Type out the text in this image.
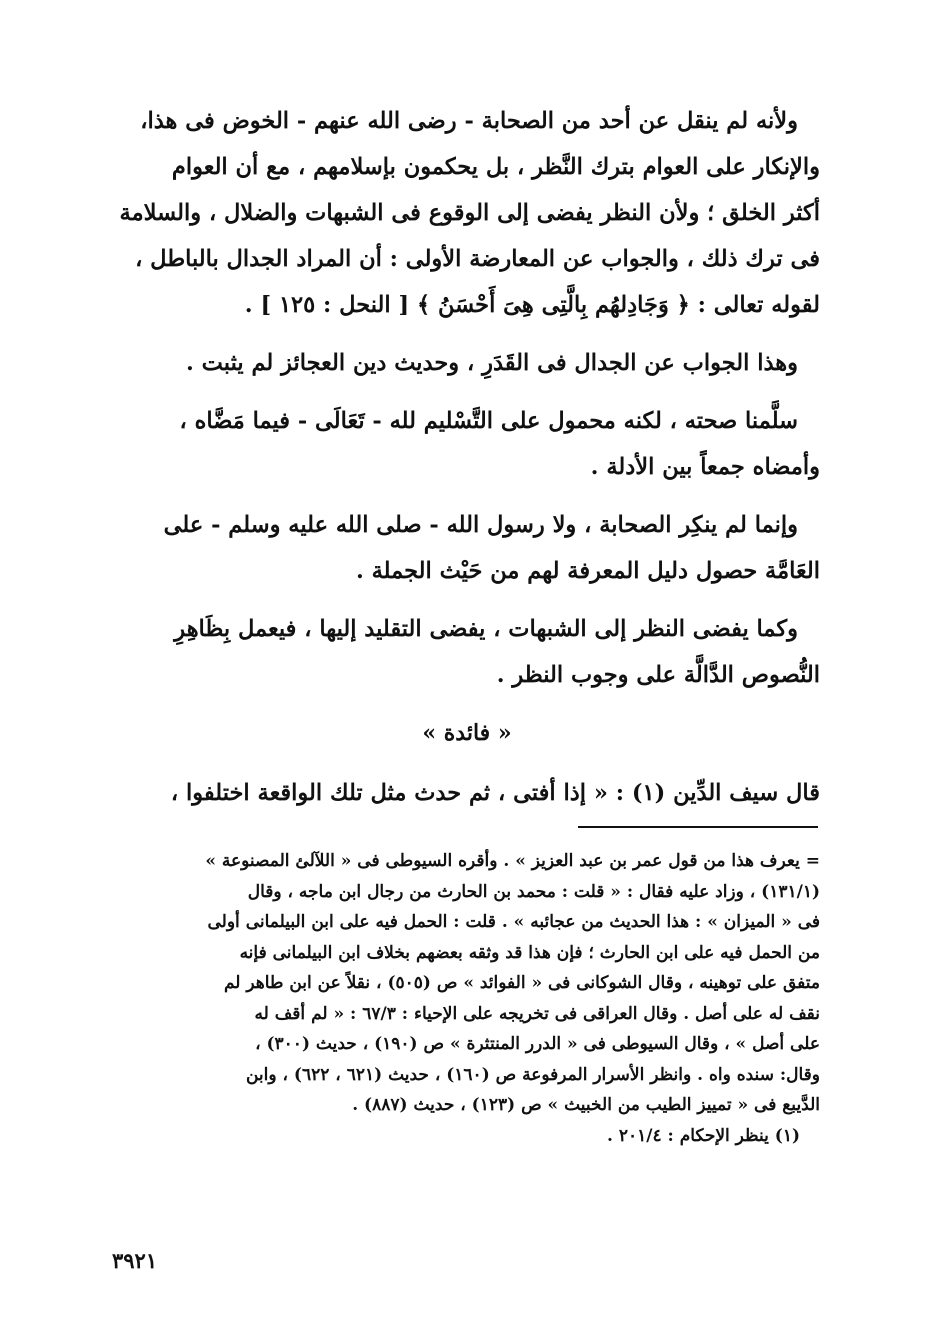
ولأنه لم ينقل عن أحد من الصحابة - رضى الله عنهم - الخوض فى هذا،
والإنكار على العوام بترك النَّظر ، بل يحكمون بإسلامهم ، مع أن العوام
أكثر الخلق ؛ ولأن النظر يفضى إلى الوقوع فى الشبهات والضلال ، والسلامة
فى ترك ذلك ، والجواب عن المعارضة الأولى : أن المراد الجدال بالباطل ،
لقوله تعالى : ﴿ وَجَادِلهُم بِالَّتِى هِىَ أَحْسَنُ ﴾ [ النحل : ١٢٥ ] .
وهذا الجواب عن الجدال فى القَدَرِ ، وحديث دين العجائز لم يثبت .
سلَّمنا صحته ، لكنه محمول على التَّسْليم لله - تَعَالَى - فيما مَضَّاه ،
وأمضاه جمعاً بين الأدلة .
وإنما لم ينكِر الصحابة ، ولا رسول الله - صلى الله عليه وسلم - على
العَامَّة حصول دليل المعرفة لهم من حَيْث الجملة .
وكما يفضى النظر إلى الشبهات ، يفضى التقليد إليها ، فيعمل بِظَاهِرِ
النُّصوص الدَّالَّة على وجوب النظر .
« فائدة »
قال سيف الدِّين (١) : « إذا أفتى ، ثم حدث مثل تلك الواقعة اختلفوا ،
= يعرف هذا من قول عمر بن عبد العزيز » . وأقره السيوطى فى « اللآلئ المصنوعة »
(١٣١/١) ، وزاد عليه فقال : « قلت : محمد بن الحارث من رجال ابن ماجه ، وقال
فى « الميزان » : هذا الحديث من عجائبه » . قلت : الحمل فيه على ابن البيلمانى أولى
من الحمل فيه على ابن الحارث ؛ فإن هذا قد وثقه بعضهم بخلاف ابن البيلمانى فإنه
متفق على توهينه ، وقال الشوكانى فى « الفوائد » ص (٥٠٥) ، نقلاً عن ابن طاهر لم
نقف له على أصل . وقال العراقى فى تخريجه على الإحياء : ٦٧/٣ : « لم أقف له
على أصل » ، وقال السيوطى فى « الدرر المنتثرة » ص (١٩٠) ، حديث (٣٠٠) ،
وقال: سنده واه . وانظر الأسرار المرفوعة ص (١٦٠) ، حديث (٦٢١ ، ٦٢٢) ، وابن
الدَّيبع فى « تمييز الطيب من الخبيث » ص (١٢٣) ، حديث (٨٨٧) .
(١) ينظر الإحكام : ٢٠١/٤ .
٣٩٢١
